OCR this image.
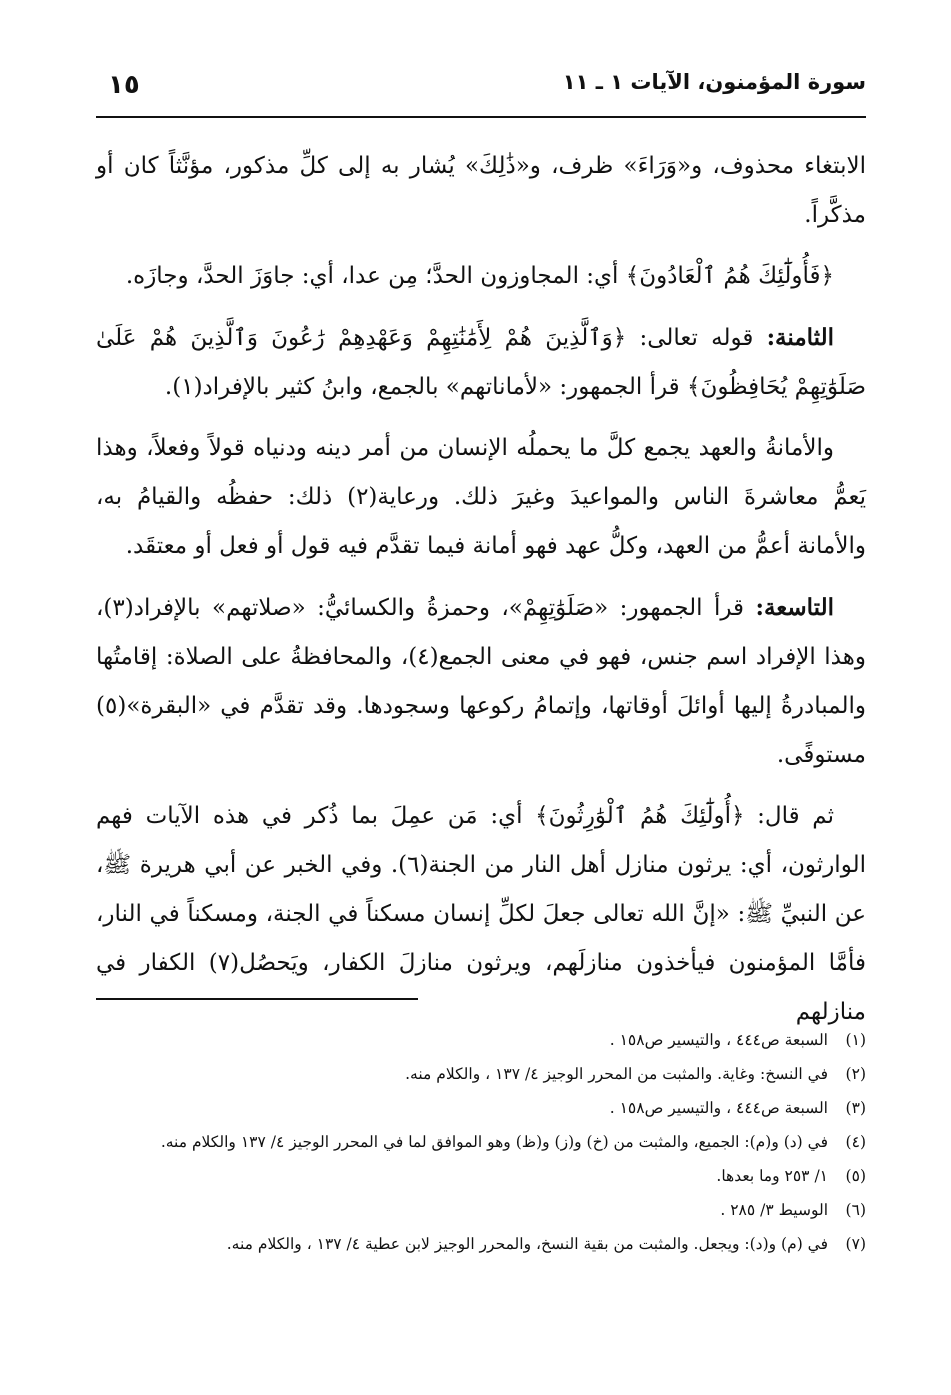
سورة المؤمنون، الآيات ١ ـ ١١
١٥

الابتغاء محذوف، و«وَرَاءَ» ظرف، و«ذَٰلِكَ» يُشار به إلى كلِّ مذكور، مؤنَّثاً كان أو مذكَّراً.

﴿فَأُولَٰٓئِكَ هُمُ ٱلْعَادُونَ﴾ أي: المجاوزون الحدَّ؛ مِن عدا، أي: جاوَزَ الحدَّ، وجازَه.

الثامنة: قوله تعالى: ﴿وَٱلَّذِينَ هُمْ لِأَمَٰنَٰتِهِمْ وَعَهْدِهِمْ رَٰعُونَ وَٱلَّذِينَ هُمْ عَلَىٰ صَلَوَٰتِهِمْ يُحَافِظُونَ﴾ قرأ الجمهور: «لأماناتهم» بالجمع، وابنُ كثير بالإفراد(١).

والأمانةُ والعهد يجمع كلَّ ما يحملُه الإنسان من أمر دينه ودنياه قولاً وفعلاً، وهذا يَعمُّ معاشرةَ الناس والمواعيدَ وغيرَ ذلك. ورعاية(٢) ذلك: حفظُه والقيامُ به، والأمانة أعمُّ من العهد، وكلُّ عهد فهو أمانة فيما تقدَّم فيه قول أو فعل أو معتقَد.

التاسعة: قرأ الجمهور: «صَلَوَٰتِهِمْ»، وحمزةُ والكسائيُّ: «صلاتهم» بالإفراد(٣)، وهذا الإفراد اسم جنس، فهو في معنى الجمع(٤)، والمحافظةُ على الصلاة: إقامتُها والمبادرةُ إليها أوائلَ أوقاتها، وإتمامُ ركوعها وسجودها. وقد تقدَّم في «البقرة»(٥) مستوفًى.

ثم قال: ﴿أُولَٰٓئِكَ هُمُ ٱلْوَٰرِثُونَ﴾ أي: مَن عمِلَ بما ذُكر في هذه الآيات فهم الوارثون، أي: يرثون منازل أهل النار من الجنة(٦). وفي الخبر عن أبي هريرة ﷺ، عن النبيِّ ﷺ: «إنَّ الله تعالى جعلَ لكلِّ إنسان مسكناً في الجنة، ومسكناً في النار، فأمَّا المؤمنون فيأخذون منازلَهم، ويرثون منازلَ الكفار، ويَحصُل(٧) الكفار في منازلهم

(١)
السبعة ص٤٤٤ ، والتيسير ص١٥٨ .
(٢)
في النسخ: وغاية. والمثبت من المحرر الوجيز ٤/ ١٣٧ ، والكلام منه.
(٣)
السبعة ص٤٤٤ ، والتيسير ص١٥٨ .
(٤)
في (د) و(م): الجميع، والمثبت من (خ) و(ز) و(ظ) وهو الموافق لما في المحرر الوجيز ٤/ ١٣٧ والكلام منه.
(٥)
١/ ٢٥٣ وما بعدها.
(٦)
الوسيط ٣/ ٢٨٥ .
(٧)
في (م) و(د): ويجعل. والمثبت من بقية النسخ، والمحرر الوجيز لابن عطية ٤/ ١٣٧ ، والكلام منه.
